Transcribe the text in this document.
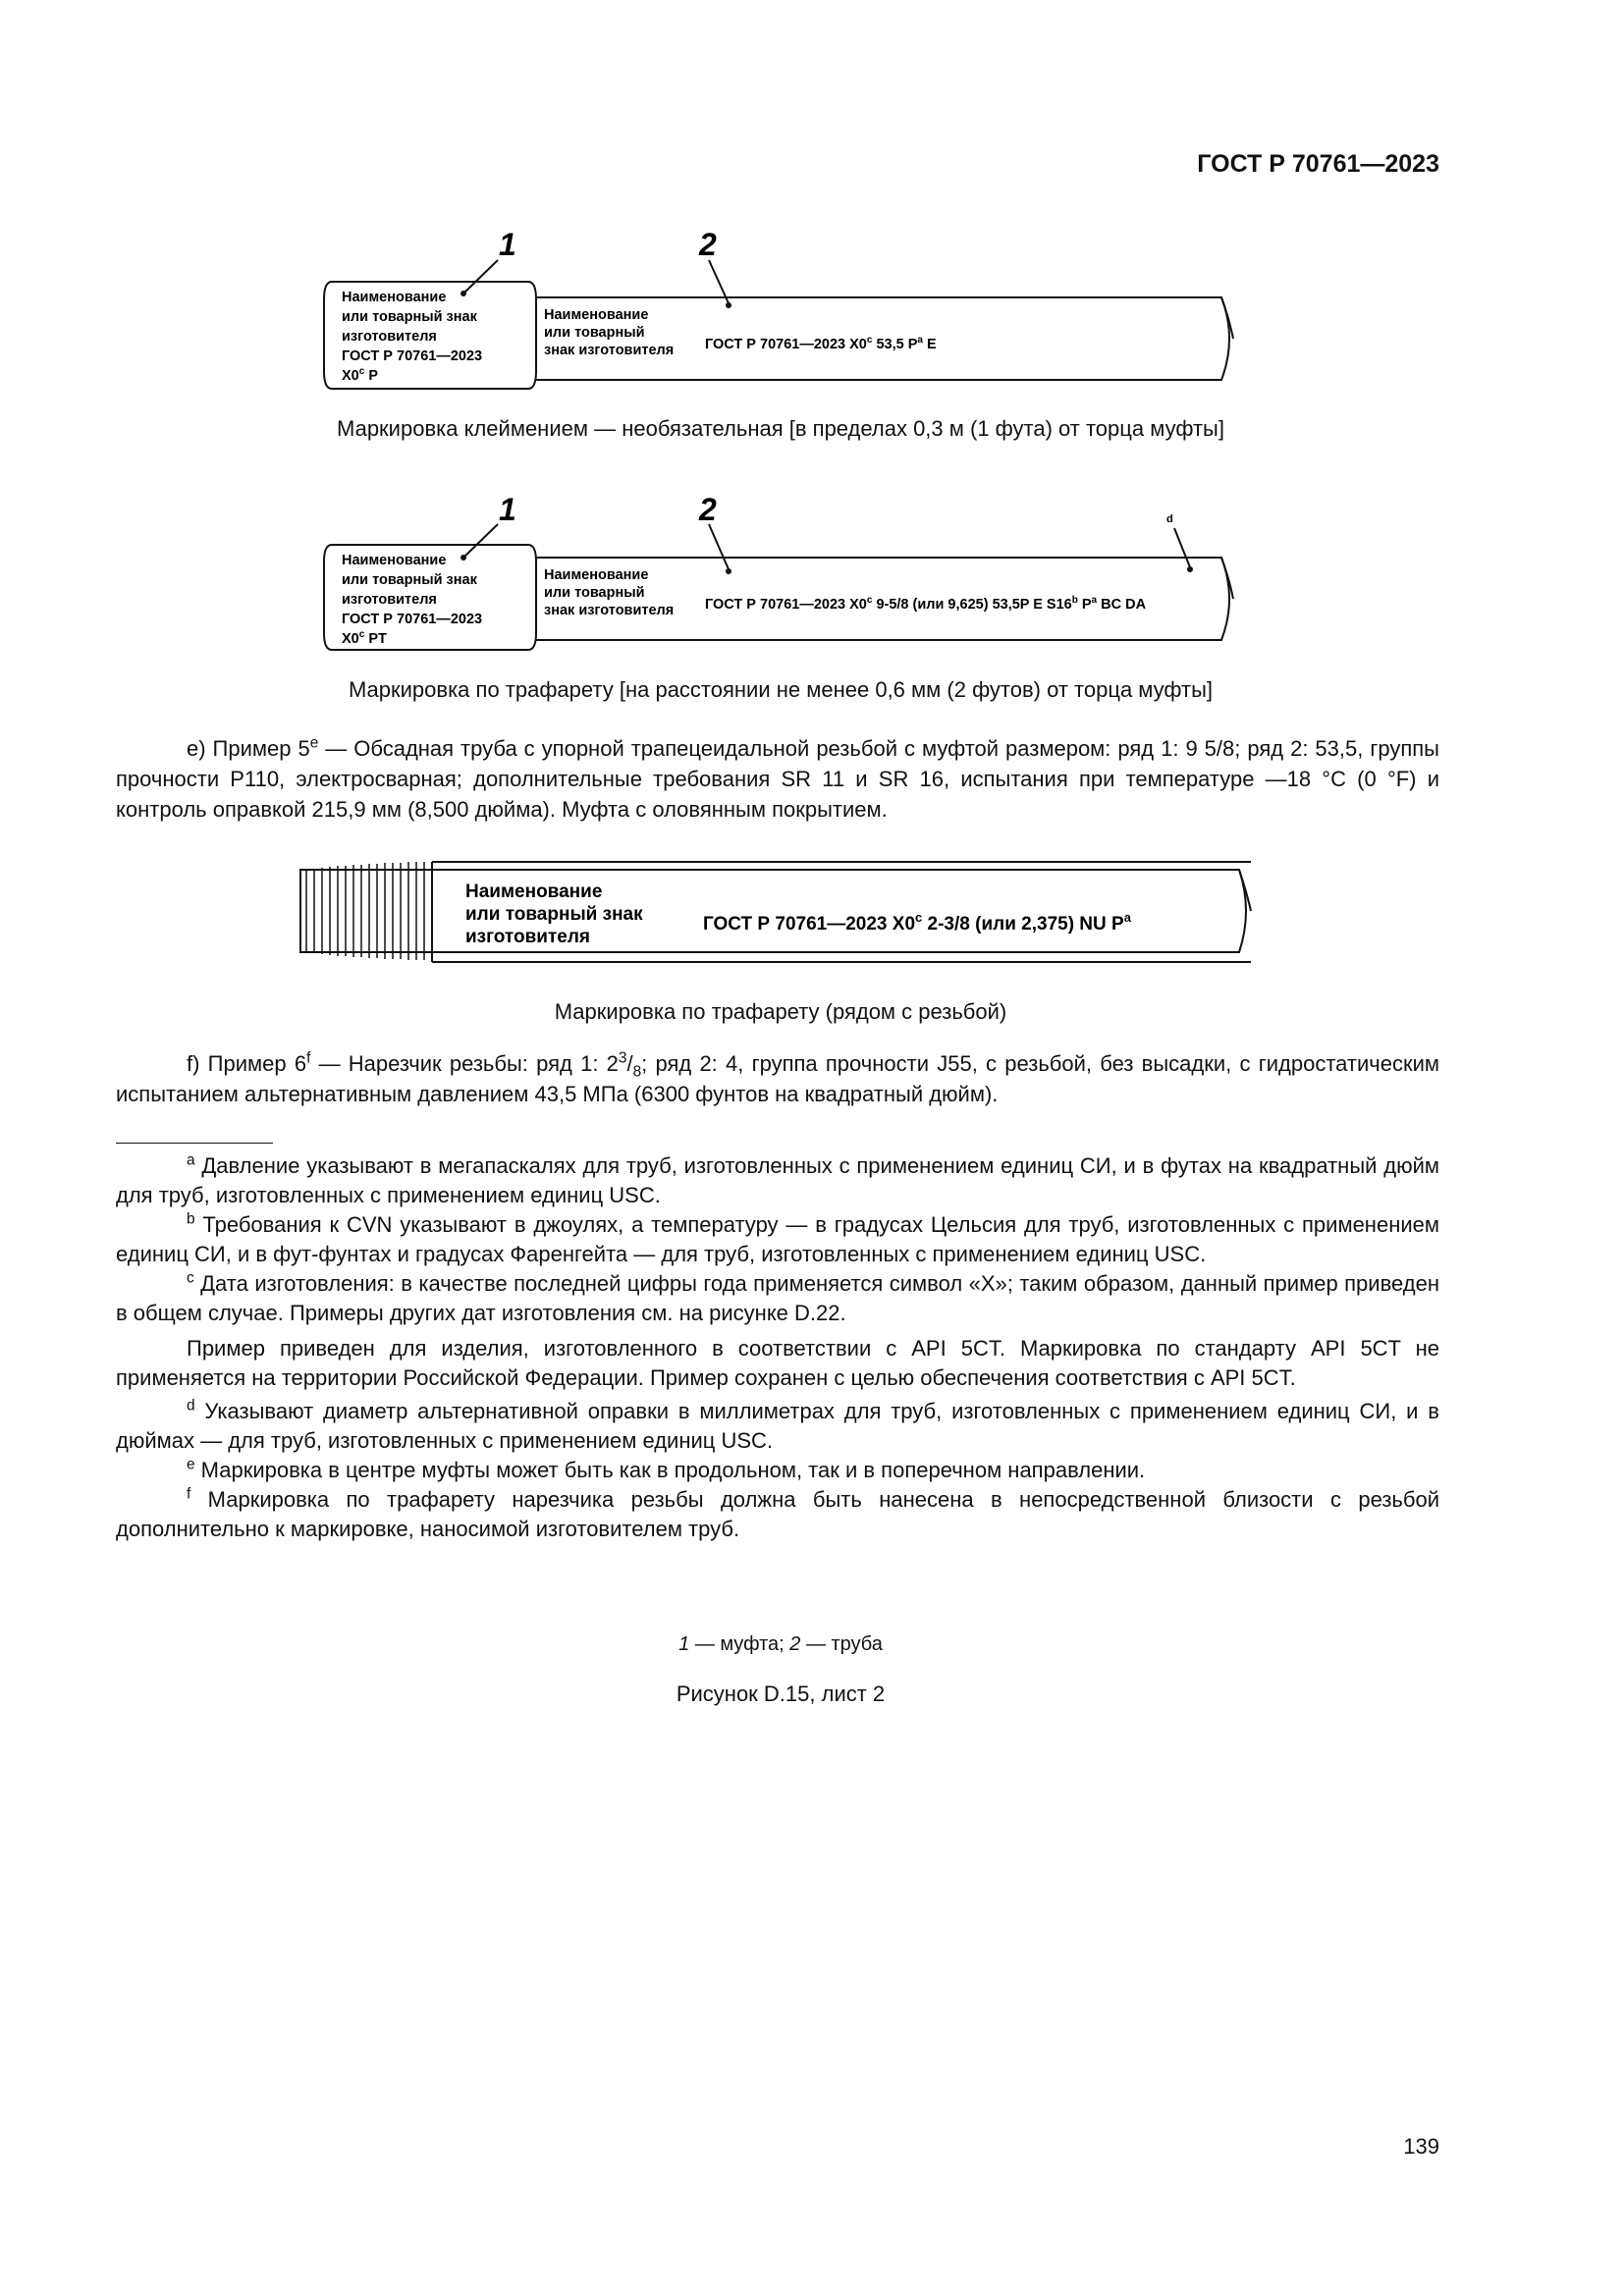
ГОСТ Р 70761—2023
1	2
Наименование
или товарный знак
изготовителя
ГОСТ Р 70761—2023
X0$^c$ P
Наименование
или товарный
знак изготовителя ГОСТ Р 70761—2023 X0$^c$ 53,5 $P^a$ E
Маркировка клеймением — необязательная [в пределах 0,3 м (1 фута) от торца муфты]
1	2	d
Наименование
или товарный знак
изготовителя
ГОСТ Р 70761—2023
X0$^c$ PT
Наименование
или товарный
знак изготовителя ГОСТ Р 70761—2023 X0$^c$ 9-5/8 (или 9,625) 53,5P E S16$^b$ $P^a$ BC DA
Маркировка по трафарету [на расстоянии не менее 0,6 мм (2 футов) от торца муфты]
е) Пример 5e — Обсадная труба с упорной трапецеидальной резьбой с муфтой размером: ряд 1: 9 5/8; ряд 2: 53,5, группы прочности P110, электросварная; дополнительные требования SR 11 и SR 16, испытания при температуре —18 °C (0 °F) и контроль оправкой 215,9 мм (8,500 дюйма). Муфта с оловянным покрытием.
Наименование
или товарный знак
изготовителя
ГОСТ Р 70761—2023 X0$^c$ 2-3/8 (или 2,375) NU $P^a$
Маркировка по трафарету (рядом с резьбой)
f) Пример 6$^f$ — Нарезчик резьбы: ряд 1: $2^3/_8$; ряд 2: 4, группа прочности J55, с резьбой, без высадки, с гидростатическим испытанием альтернативным давлением 43,5 МПа (6300 фунтов на квадратный дюйм).
$^a$ Давление указывают в мегапаскалях для труб, изготовленных с применением единиц СИ, и в футах на квадратный дюйм для труб, изготовленных с применением единиц USC.
$^b$ Требования к CVN указывают в джоулях, а температуру — в градусах Цельсия для труб, изготовленных с применением единиц СИ, и в фут-фунтах и градусах Фаренгейта — для труб, изготовленных с применением единиц USC.
$^c$ Дата изготовления: в качестве последней цифры года применяется символ «X»; таким образом, данный пример приведен в общем случае. Примеры других дат изготовления см. на рисунке D.22.
Пример приведен для изделия, изготовленного в соответствии с API 5CT. Маркировка по стандарту API 5CT не применяется на территории Российской Федерации. Пример сохранен с целью обеспечения соответствия с API 5CT.
$^d$ Указывают диаметр альтернативной оправки в миллиметрах для труб, изготовленных с применением единиц СИ, и в дюймах — для труб, изготовленных с применением единиц USC.
$^e$ Маркировка в центре муфты может быть как в продольном, так и в поперечном направлении.
$^f$ Маркировка по трафарету нарезчика резьбы должна быть нанесена в непосредственной близости с резьбой дополнительно к маркировке, наносимой изготовителем труб.
1 — муфта; 2 — труба
Рисунок D.15, лист 2
139
